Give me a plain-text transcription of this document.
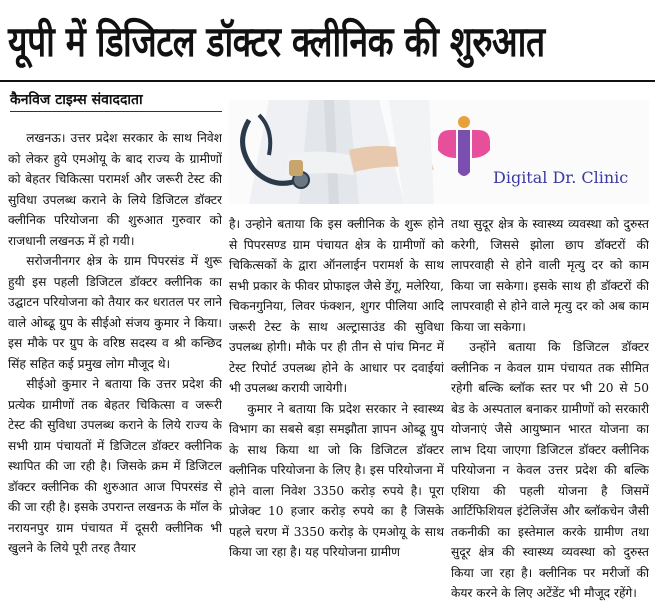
यूपी में डिजिटल डॉक्टर क्लीनिक की शुरुआत
कैनविज टाइम्स संवाददाता
Digital Dr. Clinic

लखनऊ। उत्तर प्रदेश सरकार के साथ निवेश को लेकर हुये एमओयू के बाद राज्य के ग्रामीणों को बेहतर चिकित्सा परामर्श और जरूरी टेस्ट की सुविधा उपलब्ध कराने के लिये डिजिटल डॉक्टर क्लीनिक परियोजना की शुरुआत गुरुवार को राजधानी लखनऊ में हो गयी।

सरोजनीनगर क्षेत्र के ग्राम पिपरसंड में शुरू हुयी इस पहली डिजिटल डॉक्टर क्लीनिक का उद्घाटन परियोजना को तैयार कर धरातल पर लाने वाले ओब्ढू ग्रुप के सीईओ संजय कुमार ने किया। इस मौके पर ग्रुप के वरिष्ठ सदस्य व श्री कन्छिद सिंह सहित कई प्रमुख लोग मौजूद थे।

सीईओ कुमार ने बताया कि उत्तर प्रदेश की प्रत्येक ग्रामीणों तक बेहतर चिकित्सा व जरूरी टेस्ट की सुविधा उपलब्ध कराने के लिये राज्य के सभी ग्राम पंचायतों में डिजिटल डॉक्टर क्लीनिक स्थापित की जा रही है। जिसके क्रम में डिजिटल डॉक्टर क्लीनिक की शुरुआत आज पिपरसंड से की जा रही है। इसके उपरान्त लखनऊ के मॉल के नरायनपुर ग्राम पंचायत में दूसरी क्लीनिक भी खुलने के लिये पूरी तरह तैयार

है। उन्होने बताया कि इस क्लीनिक के शुरू होने से पिपरसण्ड ग्राम पंचायत क्षेत्र के ग्रामीणों को चिकित्सकों के द्वारा ऑनलाईन परामर्श के साथ सभी प्रकार के फीवर प्रोफाइल जैसे डेंगू, मलेरिया, चिकनगुनिया, लिवर फंक्शन, शुगर पीलिया आदि जरूरी टेस्ट के साथ अल्ट्रासाउंड की सुविधा उपलब्ध होगी। मौके पर ही तीन से पांच मिनट में टेस्ट रिपोर्ट उपलब्ध होने के आधार पर दवाईयां भी उपलब्ध करायी जायेगी।

कुमार ने बताया कि प्रदेश सरकार ने स्वास्थ्य विभाग का सबसे बड़ा समझौता ज्ञापन ओब्ढू ग्रुप के साथ किया था जो कि डिजिटल डॉक्टर क्लीनिक परियोजना के लिए है। इस परियोजना में होने वाला निवेश 3350 करोड़ रुपये है। पूरा प्रोजेक्ट 10 हजार करोड़ रुपये का है जिसके पहले चरण में 3350 करोड़ के एमओयू के साथ किया जा रहा है। यह परियोजना ग्रामीण

तथा सुदूर क्षेत्र के स्वास्थ्य व्यवस्था को दुरुस्त करेगी, जिससे झोला छाप डॉक्टरों की लापरवाही से होने वाली मृत्यु दर को काम किया जा सकेगा। इसके साथ ही डॉक्टरों की लापरवाही से होने वाले मृत्यु दर को अब काम किया जा सकेगा।

उन्होंने बताया कि डिजिटल डॉक्टर क्लीनिक न केवल ग्राम पंचायत तक सीमित रहेगी बल्कि ब्लॉक स्तर पर भी 20 से 50 बेड के अस्पताल बनाकर ग्रामीणों को सरकारी योजनाएं जैसे आयुष्मान भारत योजना का लाभ दिया जाएगा डिजिटल डॉक्टर क्लीनिक परियोजना न केवल उत्तर प्रदेश की बल्कि एशिया की पहली योजना है जिसमें आर्टिफिशियल इंटेलिजेंस और ब्लॉकचेन जैसी तकनीकी का इस्तेमाल करके ग्रामीण तथा सुदूर क्षेत्र की स्वास्थ्य व्यवस्था को दुरुस्त किया जा रहा है। क्लीनिक पर मरीजों की केयर करने के लिए अटेंडेंट भी मौजूद रहेंगे।
